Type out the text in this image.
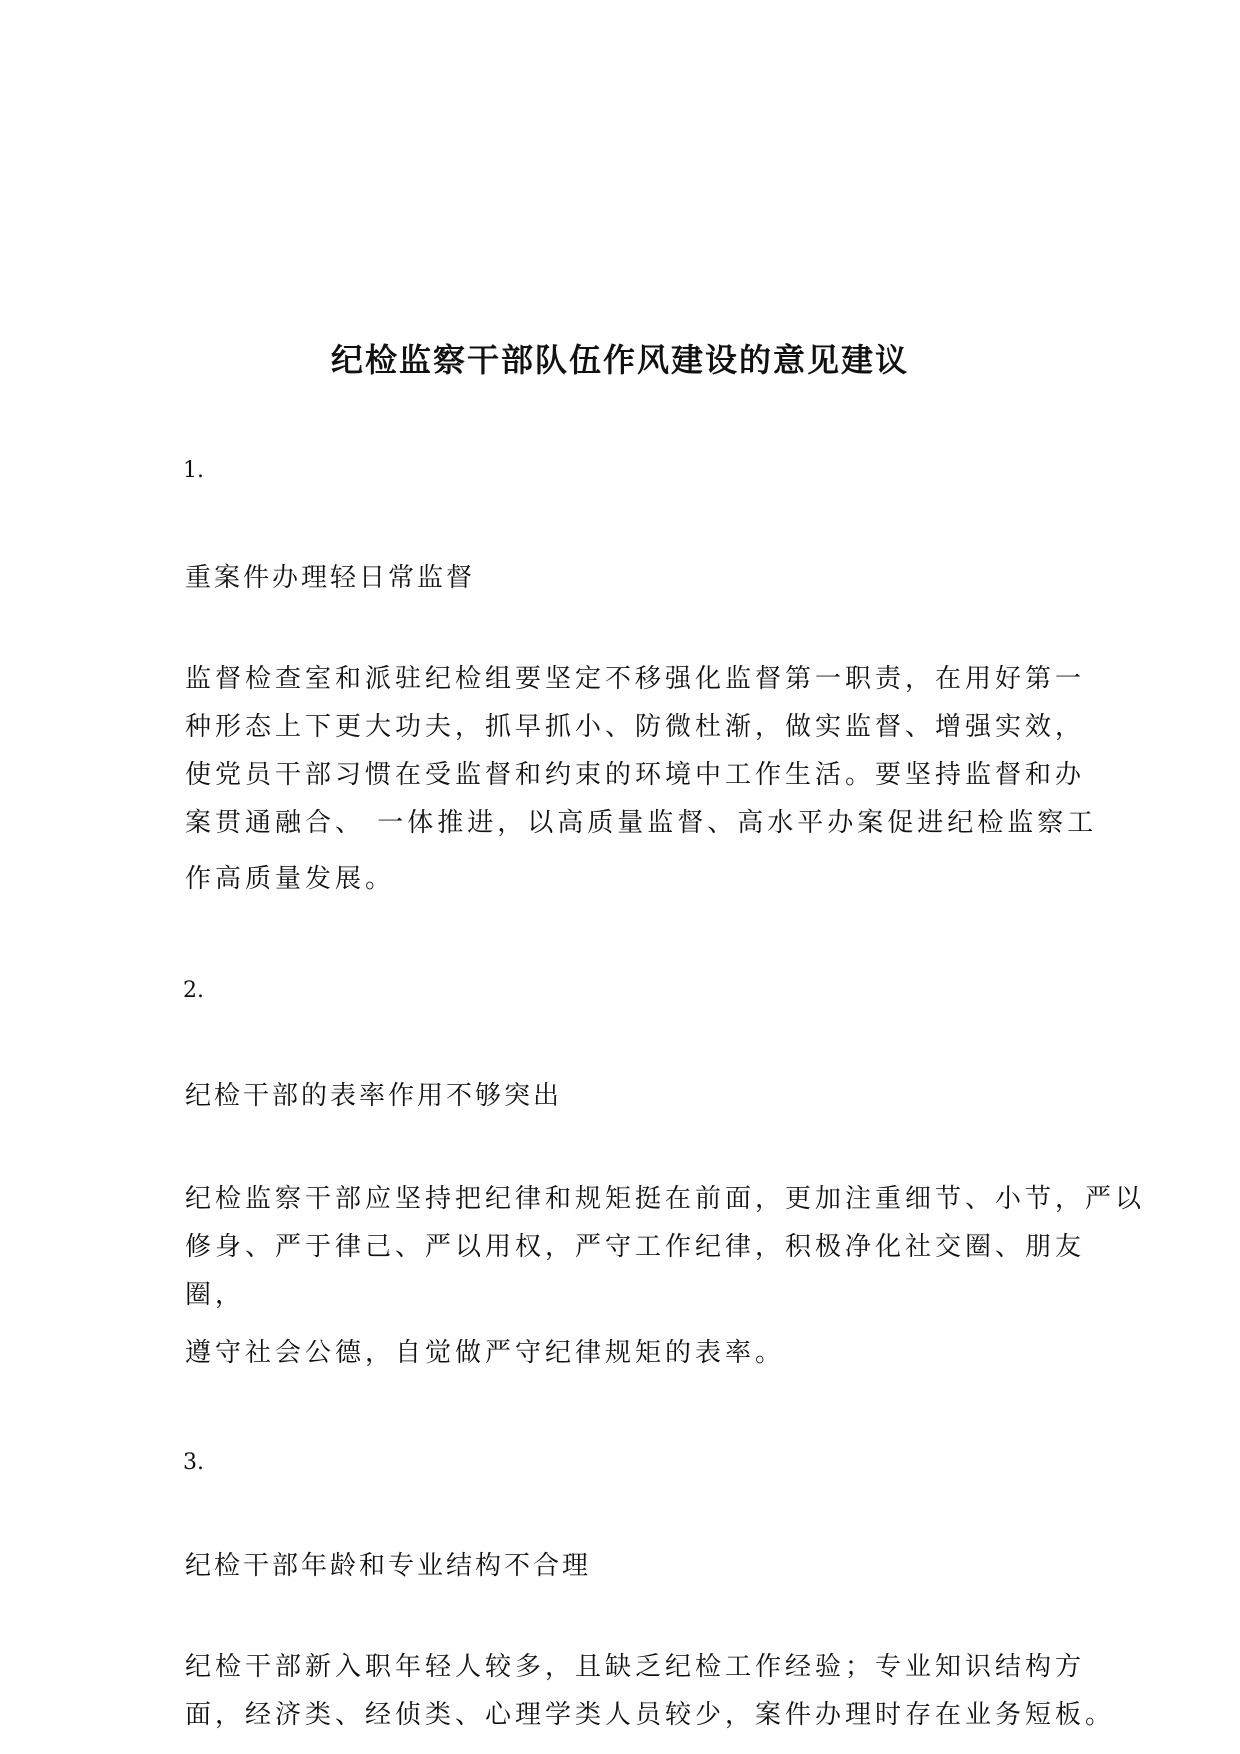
纪检监察干部队伍作风建设的意见建议
1.
重案件办理轻日常监督
监督检查室和派驻纪检组要坚定不移强化监督第一职责，在用好第一
种形态上下更大功夫，抓早抓小、防微杜渐，做实监督、增强实效，
使党员干部习惯在受监督和约束的环境中工作生活。要坚持监督和办
案贯通融合、 一体推进，以高质量监督、高水平办案促进纪检监察工
作高质量发展。
2.
纪检干部的表率作用不够突出
纪检监察干部应坚持把纪律和规矩挺在前面，更加注重细节、小节，严以
修身、严于律己、严以用权，严守工作纪律，积极净化社交圈、朋友
圈，
遵守社会公德，自觉做严守纪律规矩的表率。
3.
纪检干部年龄和专业结构不合理
纪检干部新入职年轻人较多，且缺乏纪检工作经验；专业知识结构方
面，经济类、经侦类、心理学类人员较少，案件办理时存在业务短板。
